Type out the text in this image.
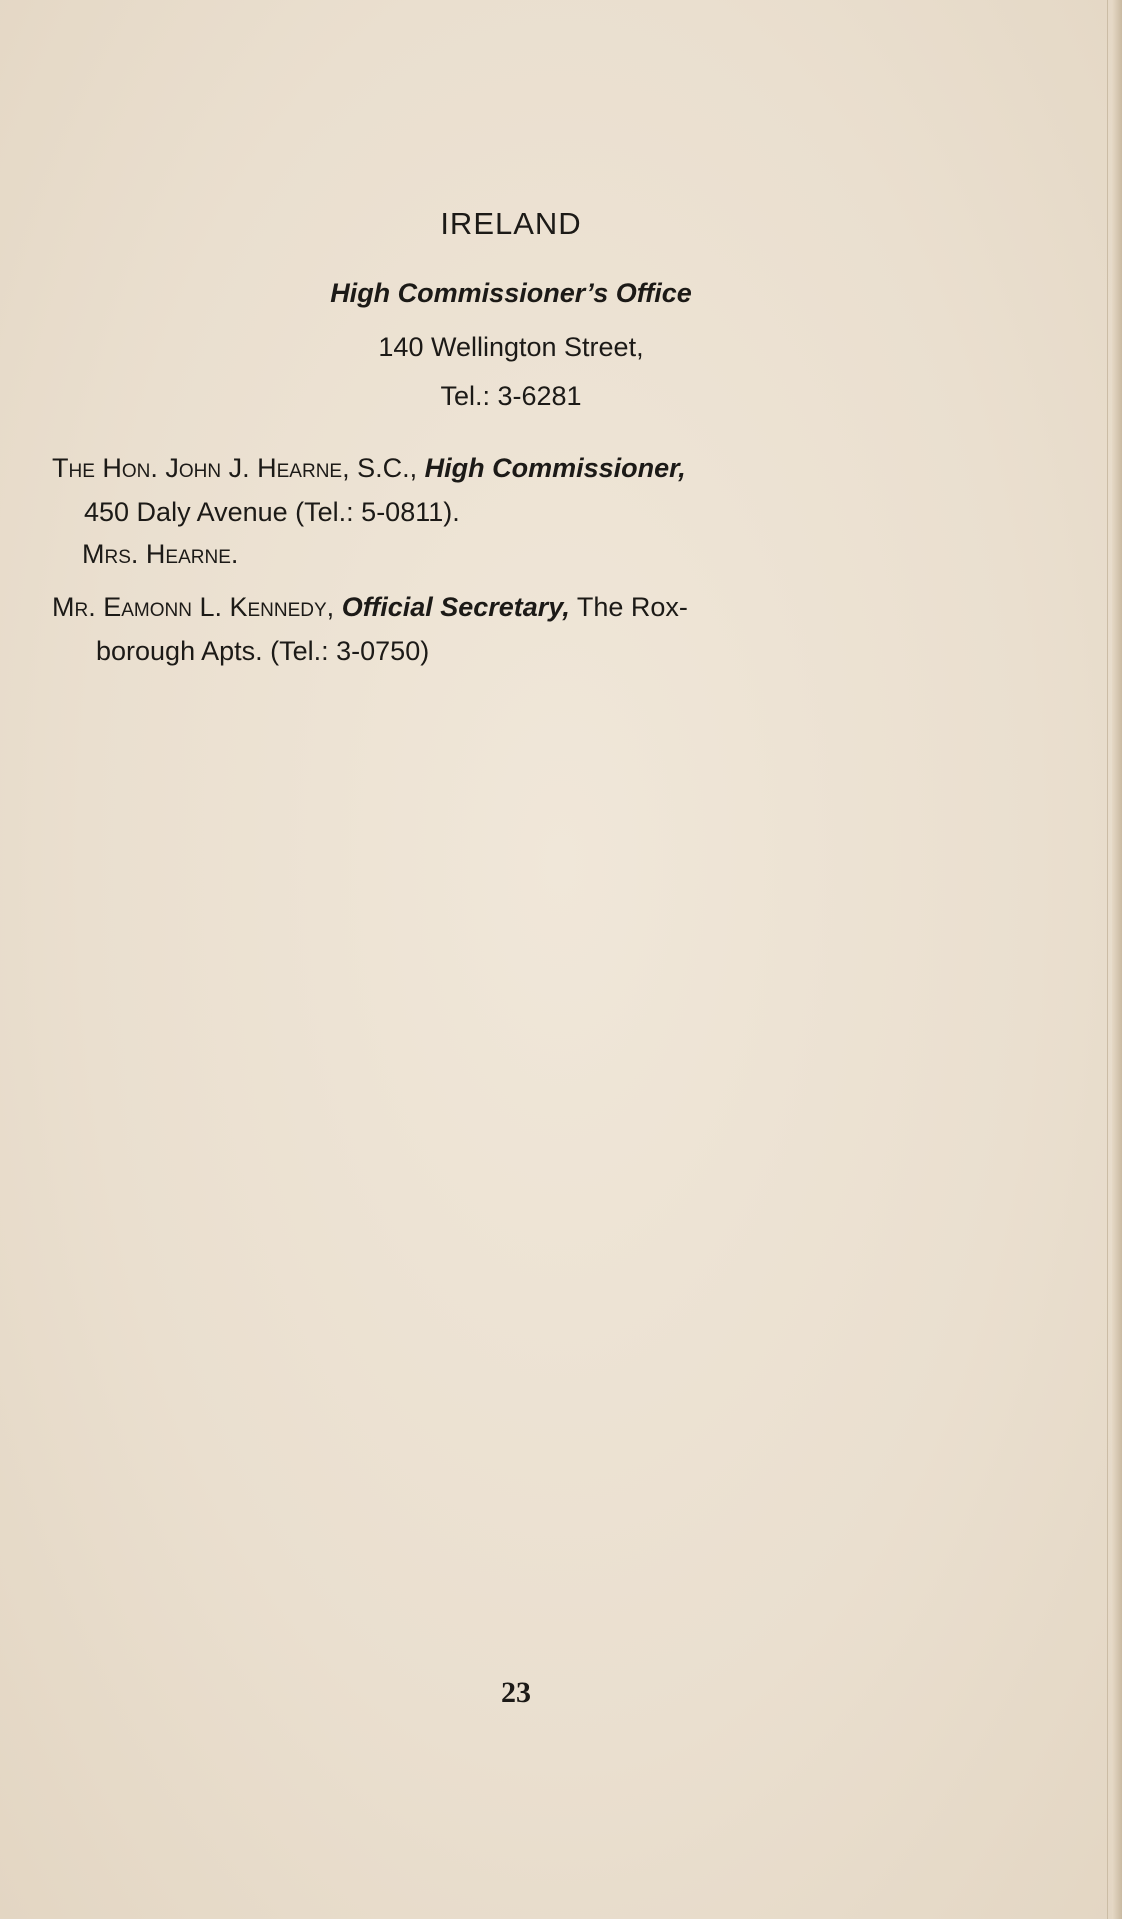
IRELAND
High Commissioner’s Office
140 Wellington Street,
Tel.: 3-6281
The Hon. John J. Hearne, S.C., High Commissioner,
450 Daly Avenue (Tel.: 5-0811).
Mrs. Hearne.
Mr. Eamonn L. Kennedy, Official Secretary, The Rox-
borough Apts. (Tel.: 3-0750)
23
